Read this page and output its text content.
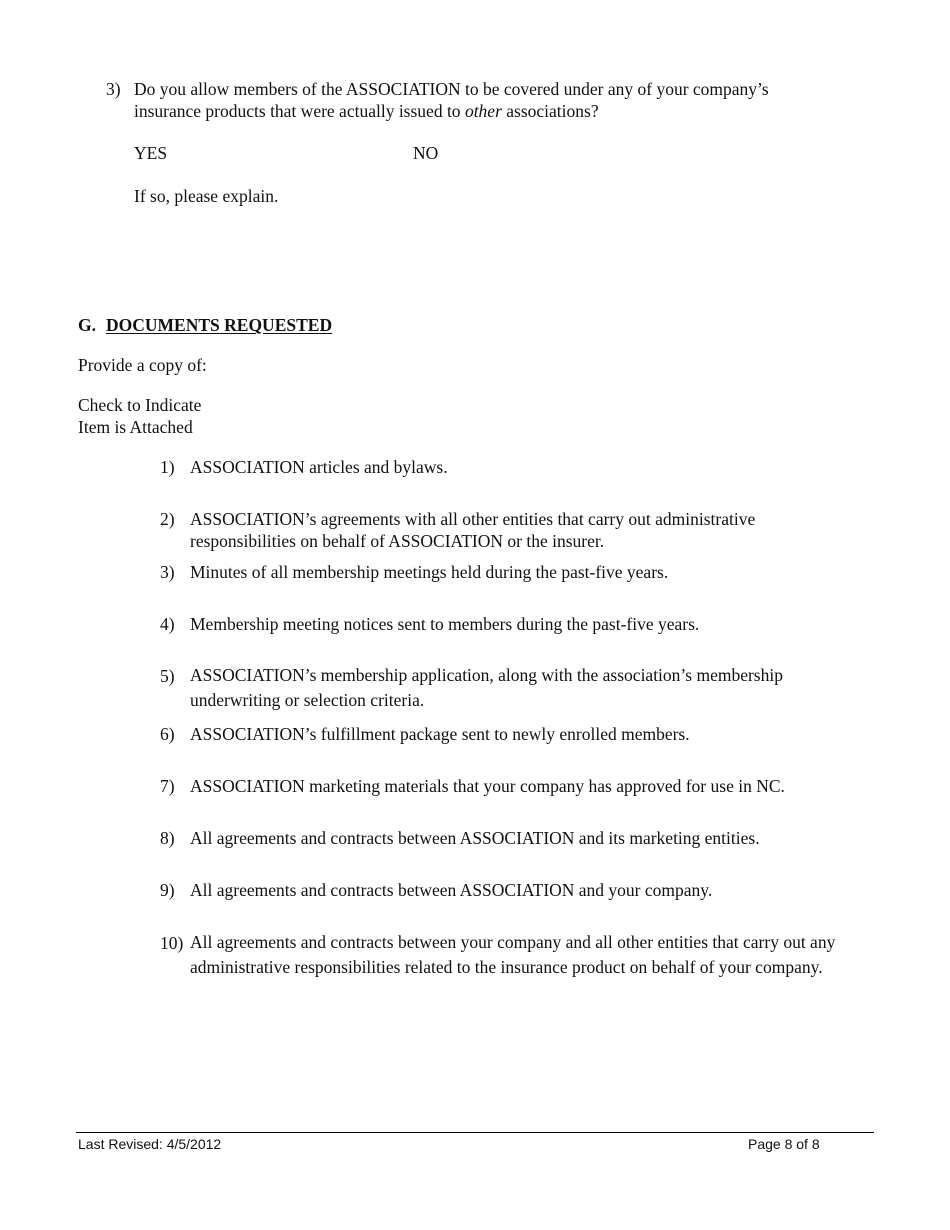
3) Do you allow members of the ASSOCIATION to be covered under any of your company’s insurance products that were actually issued to other associations?
YES	NO
If so, please explain.
G. DOCUMENTS REQUESTED
Provide a copy of:
Check to Indicate
Item is Attached
1) ASSOCIATION articles and bylaws.
2) ASSOCIATION’s agreements with all other entities that carry out administrative responsibilities on behalf of ASSOCIATION or the insurer.
3) Minutes of all membership meetings held during the past-five years.
4) Membership meeting notices sent to members during the past-five years.
5) ASSOCIATION’s membership application, along with the association’s membership underwriting or selection criteria.
6) ASSOCIATION’s fulfillment package sent to newly enrolled members.
7) ASSOCIATION marketing materials that your company has approved for use in NC.
8) All agreements and contracts between ASSOCIATION and its marketing entities.
9) All agreements and contracts between ASSOCIATION and your company.
10) All agreements and contracts between your company and all other entities that carry out any administrative responsibilities related to the insurance product on behalf of your company.
Last Revised: 4/5/2012	Page 8 of 8
